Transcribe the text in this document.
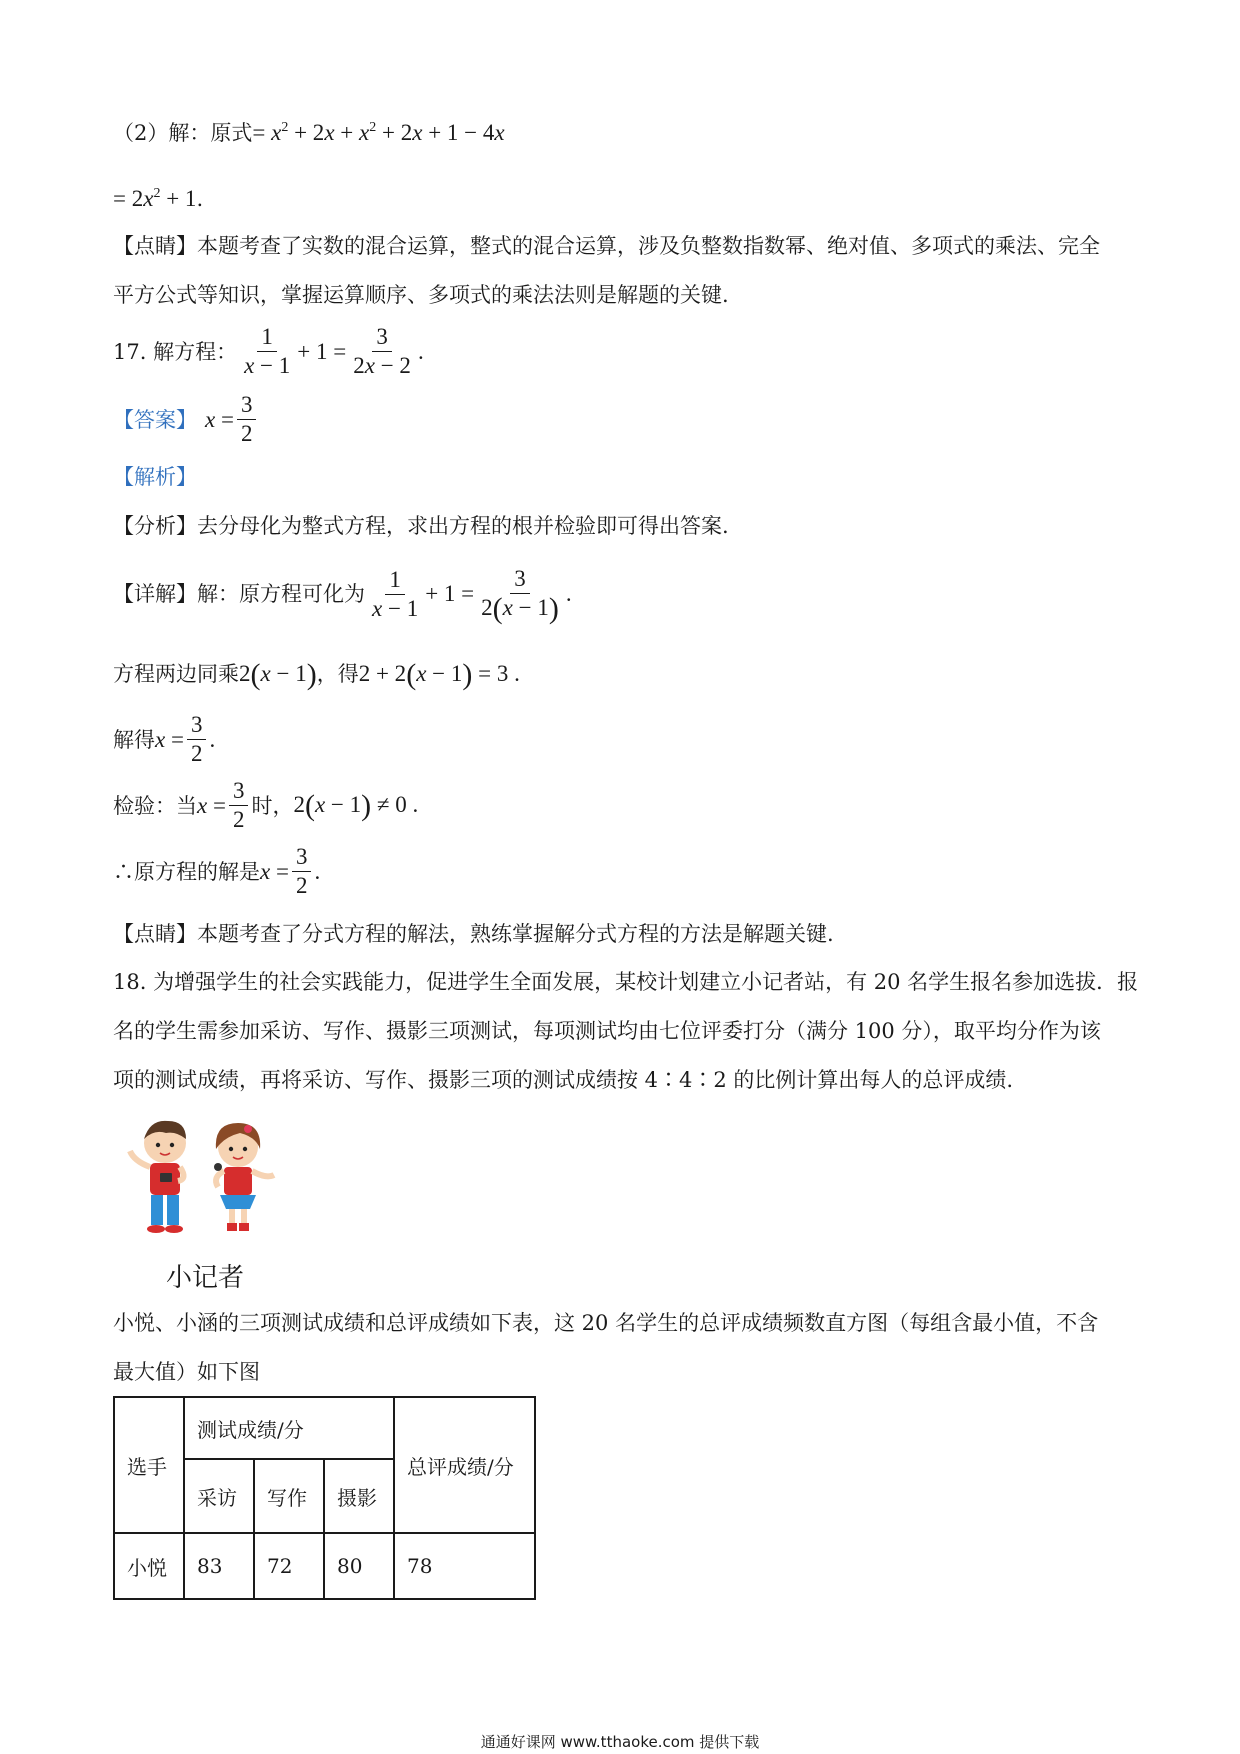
（2）解：原式= $x^2 + 2x + x^2 + 2x + 1 - 4x$
= $2x^2 + 1$.
【点睛】本题考查了实数的混合运算，整式的混合运算，涉及负整数指数幂、绝对值、多项式的乘法、完全
平方公式等知识，掌握运算顺序、多项式的乘法法则是解题的关键.
17. 解方程： $\frac{1}{x - 1} + 1 = \frac{3}{2x - 2}$ .
【答案】 $x = \frac{3}{2}$
【解析】
【分析】去分母化为整式方程，求出方程的根并检验即可得出答案.
【详解】解：原方程可化为 $\frac{1}{x - 1} + 1 = \frac{3}{2(x - 1)}$ .
方程两边同乘2(x − 1)，得2 + 2(x − 1) = 3 .
解得 $x = \frac{3}{2}$ .
检验：当 $x = \frac{3}{2}$ 时， 2(x − 1) ≠ 0 .
∴原方程的解是 $x = \frac{3}{2}$ .
【点睛】本题考查了分式方程的解法，熟练掌握解分式方程的方法是解题关键.
18. 为增强学生的社会实践能力，促进学生全面发展，某校计划建立小记者站，有 20 名学生报名参加选拔．报
名的学生需参加采访、写作、摄影三项测试，每项测试均由七位评委打分（满分 100 分），取平均分作为该
项的测试成绩，再将采访、写作、摄影三项的测试成绩按 4∶4∶2 的比例计算出每人的总评成绩.
小记者
小悦、小涵的三项测试成绩和总评成绩如下表，这 20 名学生的总评成绩频数直方图（每组含最小值，不含
最大值）如下图
选手	测试成绩/分			总评成绩/分
	采访	写作	摄影	
小悦	83	72	80	78
通通好课网 www.tthaoke.com 提供下载
